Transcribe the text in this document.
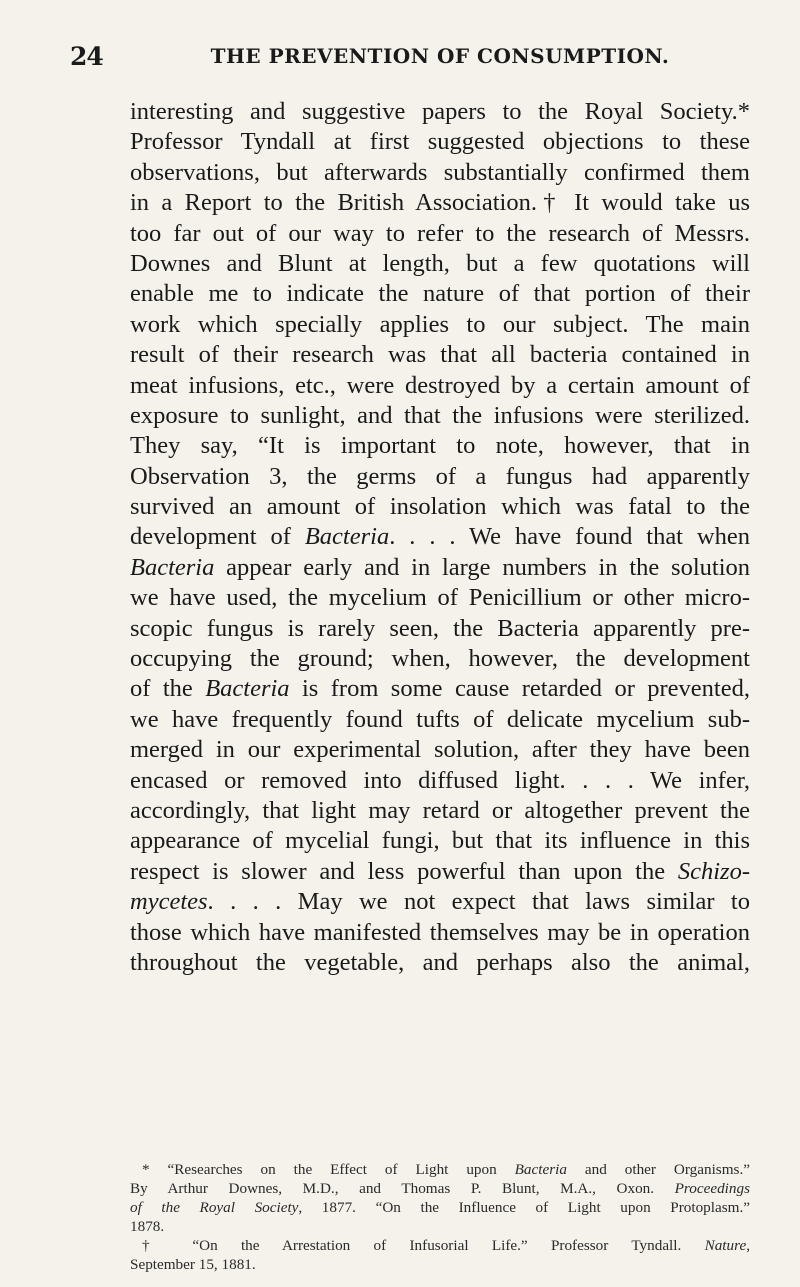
24	THE PREVENTION OF CONSUMPTION.
interesting and suggestive papers to the Royal Society.*
Professor Tyndall at first suggested objections to these
observations, but afterwards substantially confirmed them
in a Report to the British Association.† It would take us
too far out of our way to refer to the research of Messrs.
Downes and Blunt at length, but a few quotations will
enable me to indicate the nature of that portion of their
work which specially applies to our subject. The main
result of their research was that all bacteria contained in
meat infusions, etc., were destroyed by a certain amount of
exposure to sunlight, and that the infusions were sterilized.
They say, “It is important to note, however, that in
Observation 3, the germs of a fungus had apparently
survived an amount of insolation which was fatal to the
development of Bacteria. . . . We have found that when
Bacteria appear early and in large numbers in the solution
we have used, the mycelium of Penicillium or other micro-
scopic fungus is rarely seen, the Bacteria apparently pre-
occupying the ground; when, however, the development
of the Bacteria is from some cause retarded or prevented,
we have frequently found tufts of delicate mycelium sub-
merged in our experimental solution, after they have been
encased or removed into diffused light. . . . We infer,
accordingly, that light may retard or altogether prevent the
appearance of mycelial fungi, but that its influence in this
respect is slower and less powerful than upon the Schizo-
mycetes. . . . May we not expect that laws similar to
those which have manifested themselves may be in operation
throughout the vegetable, and perhaps also the animal,
* “Researches on the Effect of Light upon Bacteria and other Organisms.”
By Arthur Downes, M.D., and Thomas P. Blunt, M.A., Oxon. Proceedings
of the Royal Society, 1877. “On the Influence of Light upon Protoplasm.”
1878.
† “On the Arrestation of Infusorial Life.” Professor Tyndall. Nature,
September 15, 1881.
